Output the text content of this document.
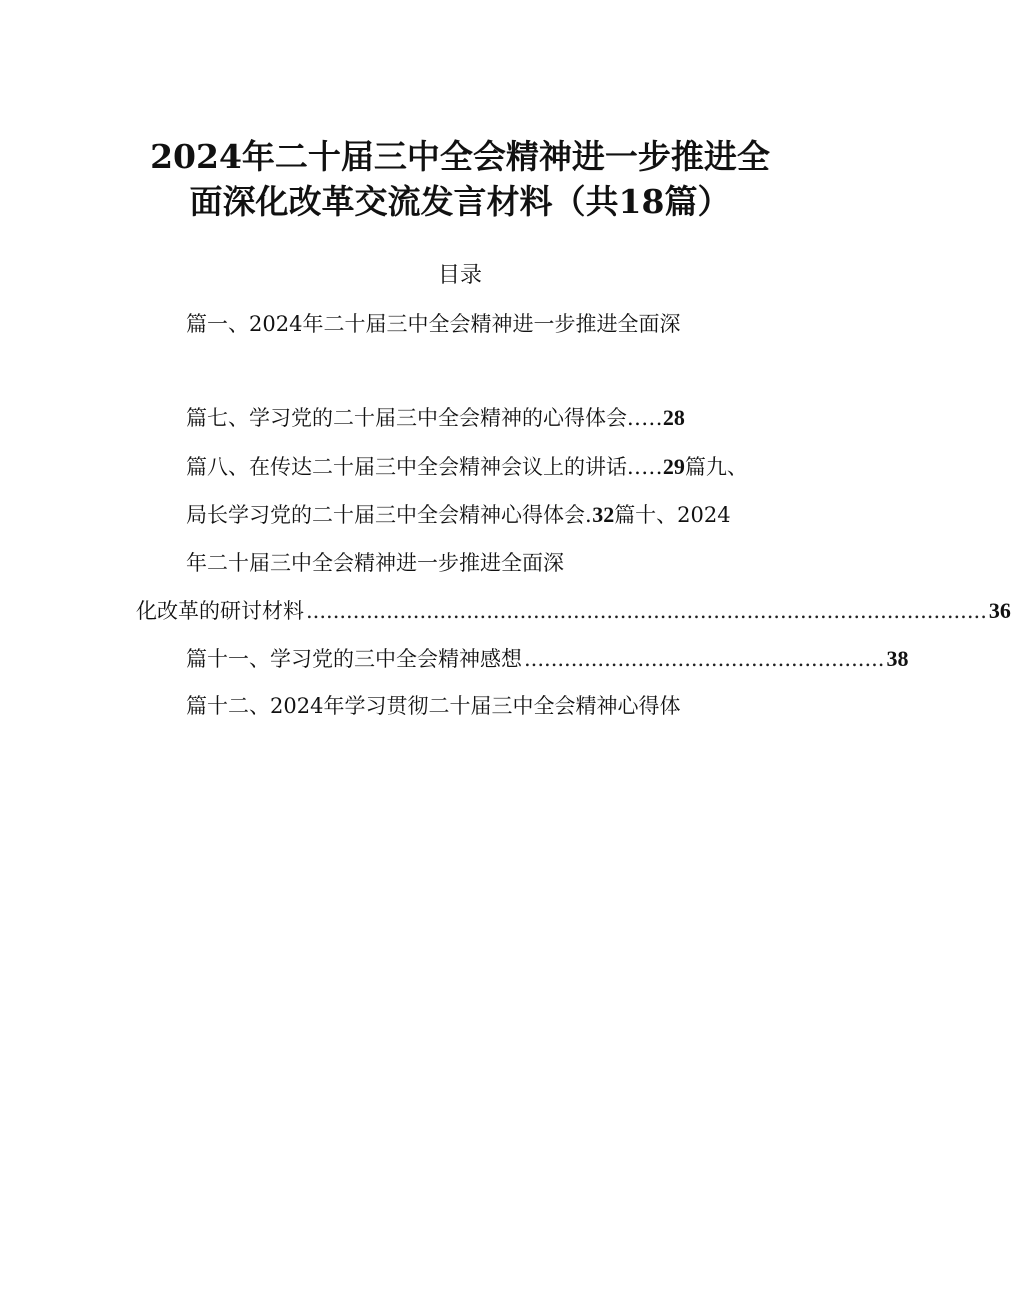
2024年二十届三中全会精神进一步推进全
面深化改革交流发言材料（共18篇）
目录
篇一、2024年二十届三中全会精神进一步推进全面深
篇七、学习党的二十届三中全会精神的心得体会.....28
篇八、在传达二十届三中全会精神会议上的讲话.....29篇九、
局长学习党的二十届三中全会精神心得体会.32篇十、2024
年二十届三中全会精神进一步推进全面深
化改革的研讨材料 ...................................................................................................... 36
篇十一、学习党的三中全会精神感想 ...................................................... 38
篇十二、2024年学习贯彻二十届三中全会精神心得体
